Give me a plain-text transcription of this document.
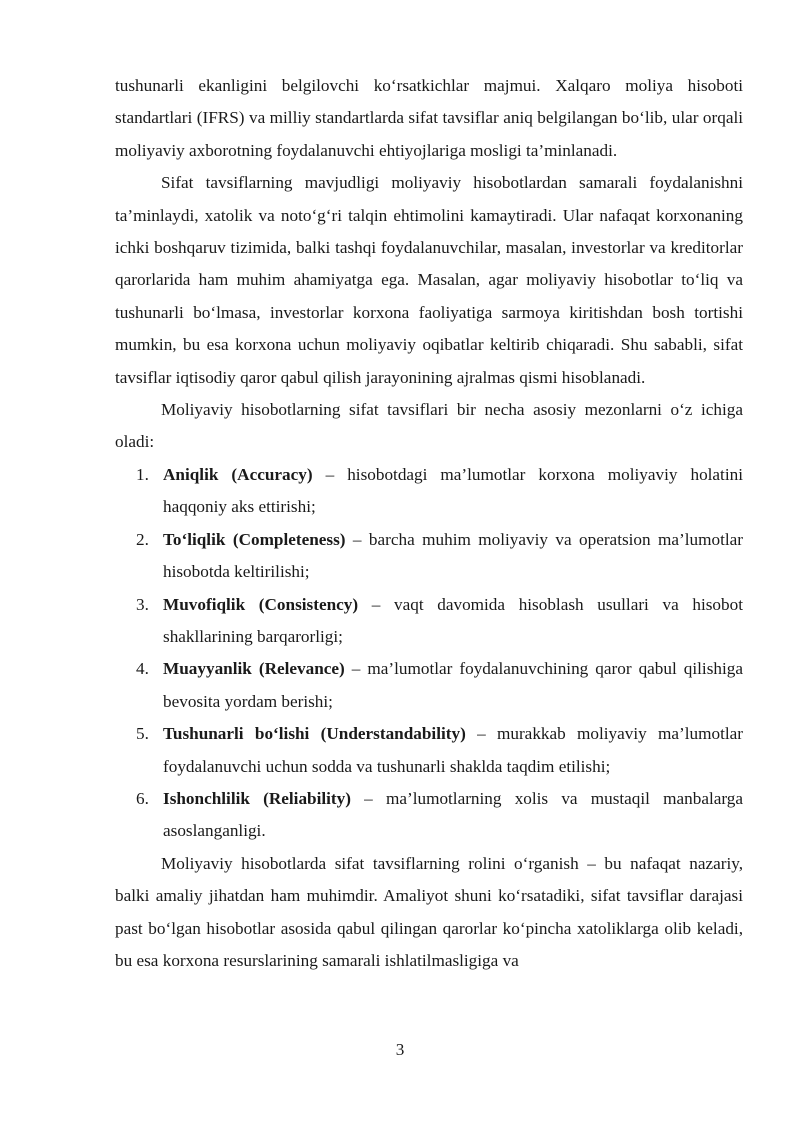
tushunarli ekanligini belgilovchi ko‘rsatkichlar majmui. Xalqaro moliya hisoboti standartlari (IFRS) va milliy standartlarda sifat tavsiflar aniq belgilangan bo‘lib, ular orqali moliyaviy axborotning foydalanuvchi ehtiyojlariga mosligi ta’minlanadi.

Sifat tavsiflarning mavjudligi moliyaviy hisobotlardan samarali foydalanishni ta’minlaydi, xatolik va noto‘g‘ri talqin ehtimolini kamaytiradi. Ular nafaqat korxonaning ichki boshqaruv tizimida, balki tashqi foydalanuvchilar, masalan, investorlar va kreditorlar qarorlarida ham muhim ahamiyatga ega. Masalan, agar moliyaviy hisobotlar to‘liq va tushunarli bo‘lmasa, investorlar korxona faoliyatiga sarmoya kiritishdan bosh tortishi mumkin, bu esa korxona uchun moliyaviy oqibatlar keltirib chiqaradi. Shu sababli, sifat tavsiflar iqtisodiy qaror qabul qilish jarayonining ajralmas qismi hisoblanadi.

Moliyaviy hisobotlarning sifat tavsiflari bir necha asosiy mezonlarni o‘z ichiga oladi:

1. Aniqlik (Accuracy) – hisobotdagi ma’lumotlar korxona moliyaviy holatini haqqoniy aks ettirishi;
2. To‘liqlik (Completeness) – barcha muhim moliyaviy va operatsion ma’lumotlar hisobotda keltirilishi;
3. Muvofiqlik (Consistency) – vaqt davomida hisoblash usullari va hisobot shakllarining barqarorligi;
4. Muayyanlik (Relevance) – ma’lumotlar foydalanuvchining qaror qabul qilishiga bevosita yordam berishi;
5. Tushunarli bo‘lishi (Understandability) – murakkab moliyaviy ma’lumotlar foydalanuvchi uchun sodda va tushunarli shaklda taqdim etilishi;
6. Ishonchlilik (Reliability) – ma’lumotlarning xolis va mustaqil manbalarga asoslanganligi.

Moliyaviy hisobotlarda sifat tavsiflarning rolini o‘rganish – bu nafaqat nazariy, balki amaliy jihatdan ham muhimdir. Amaliyot shuni ko‘rsatadiki, sifat tavsiflar darajasi past bo‘lgan hisobotlar asosida qabul qilingan qarorlar ko‘pincha xatoliklarga olib keladi, bu esa korxona resurslarining samarali ishlatilmasligiga va

3
